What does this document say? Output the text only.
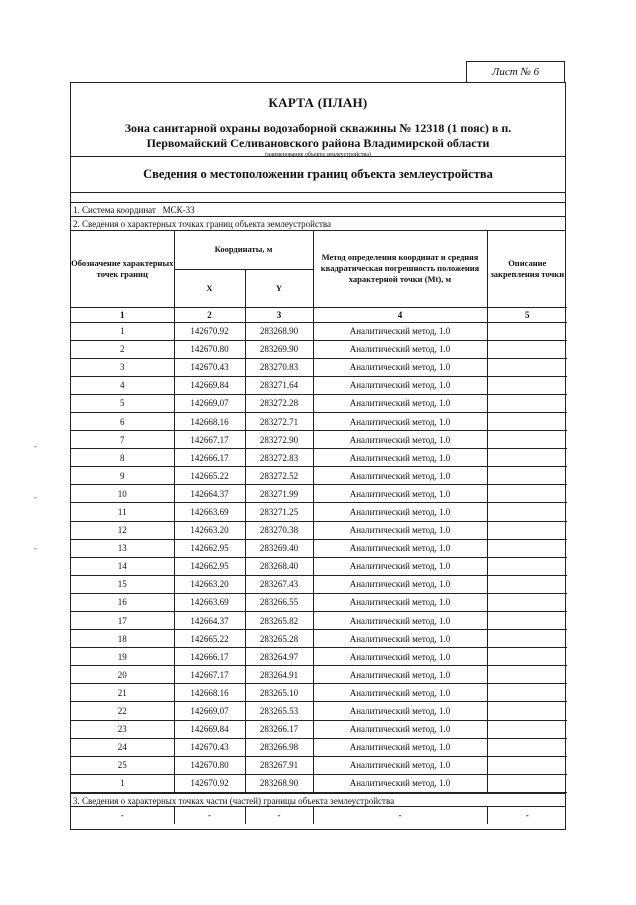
-
-
-
Лист № 6
КАРТА (ПЛАН)
Зона санитарной охраны водозаборной скважины № 12318 (1 пояс) в п.
Первомайский Селивановского района Владимирской области
(наименование объекта землеустройства)
Сведения о местоположении границ объекта землеустройства
1. Система координат МСК-33
2. Сведения о характерных точках границ объекта землеустройства
Обозначение характерных точек границ	Координаты, м		Метод определения координат и средняя квадратическая погрешность положения характерной точки (Mt), м	Описание закрепления точки
	X	Y		
1	2	3	4	5
1	142670.92	283268.90	Аналитический метод, 1.0	
2	142670.80	283269.90	Аналитический метод, 1.0	
3	142670.43	283270.83	Аналитический метод, 1.0	
4	142669.84	283271.64	Аналитический метод, 1.0	
5	142669.07	283272.28	Аналитический метод, 1.0	
6	142668.16	283272.71	Аналитический метод, 1.0	
7	142667.17	283272.90	Аналитический метод, 1.0	
8	142666.17	283272.83	Аналитический метод, 1.0	
9	142665.22	283272.52	Аналитический метод, 1.0	
10	142664.37	283271.99	Аналитический метод, 1.0	
11	142663.69	283271.25	Аналитический метод, 1.0	
12	142663.20	283270.38	Аналитический метод, 1.0	
13	142662.95	283269.40	Аналитический метод, 1.0	
14	142662.95	283268.40	Аналитический метод, 1.0	
15	142663.20	283267.43	Аналитический метод, 1.0	
16	142663.69	283266.55	Аналитический метод, 1.0	
17	142664.37	283265.82	Аналитический метод, 1.0	
18	142665.22	283265.28	Аналитический метод, 1.0	
19	142666.17	283264.97	Аналитический метод, 1.0	
20	142667.17	283264.91	Аналитический метод, 1.0	
21	142668.16	283265.10	Аналитический метод, 1.0	
22	142669.07	283265.53	Аналитический метод, 1.0	
23	142669.84	283266.17	Аналитический метод, 1.0	
24	142670.43	283266.98	Аналитический метод, 1.0	
25	142670.80	283267.91	Аналитический метод, 1.0	
1	142670.92	283268.90	Аналитический метод, 1.0	
3. Сведения о характерных точках части (частей) границы объекта землеустройства
-	-	-	-	-
